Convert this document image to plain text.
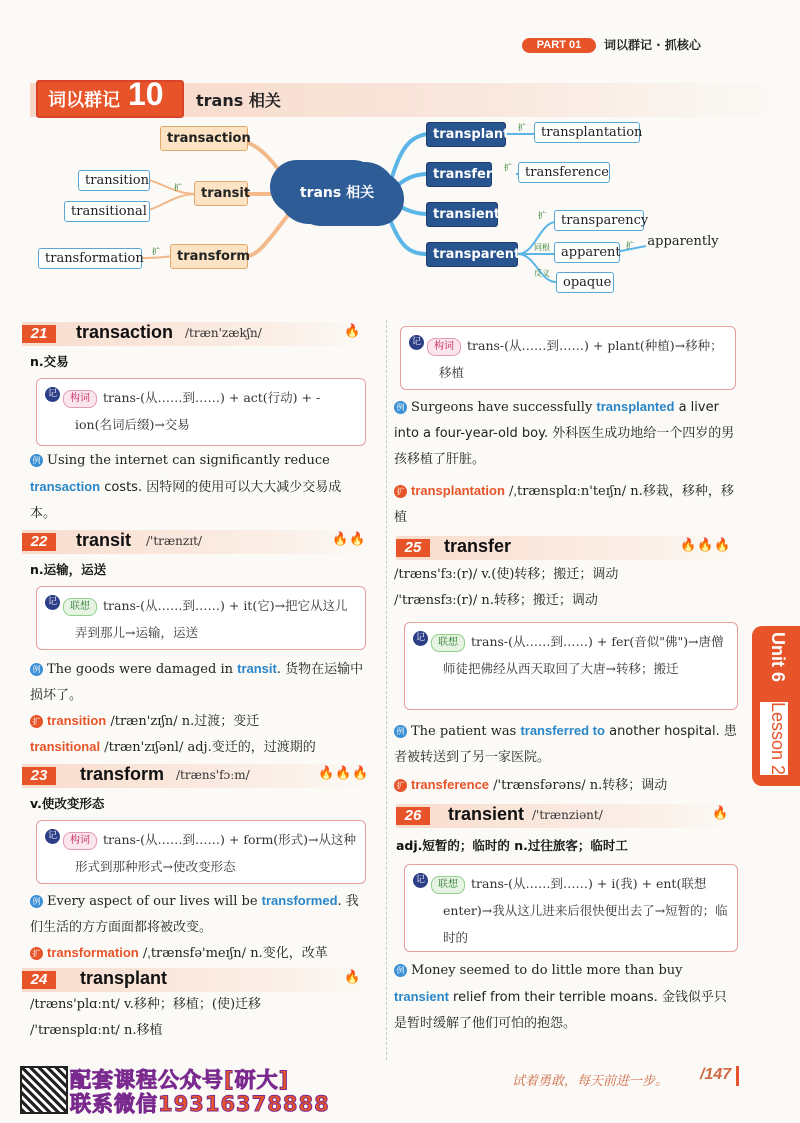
PART 01	词以群记 · 抓核心
词以群记 10 trans 相关
transaction
transition
transitional
transit
transformation	transform
trans 相关
transplant	transplantation
transfer	transference
transient
transparent
transparency
apparent
apparently
opaque
扩
扩
扩
扩
扩
同根
反义
扩
21	transaction /træn'zækʃn/	🔥
n.交易
记	构词 trans-(从……到……) + act(行动) + -ion(名词后缀)→交易
例 Using the internet can significantly reduce transaction costs. 因特网的使用可以大大减少交易成本。
22	transit /'trænzɪt/	🔥🔥
n.运输，运送
记	联想 trans-(从……到……) + it(它)→把它从这儿弄到那儿→运输，运送
例 The goods were damaged in transit. 货物在运输中损坏了。
扩 transition /træn'zɪʃn/ n.过渡；变迁
transitional /træn'zɪʃənl/ adj.变迁的，过渡期的
23	transform /træns'fɔːm/	🔥🔥🔥
v.使改变形态
记	构词 trans-(从……到……) + form(形式)→从这种形式到那种形式→使改变形态
例 Every aspect of our lives will be transformed. 我们生活的方方面面都将被改变。
扩 transformation /ˌtrænsfə'meɪʃn/ n.变化，改革
24	transplant	🔥
/træns'plɑːnt/ v.移种；移植；(使)迁移
/'trænsplɑːnt/ n.移植
记	构词 trans-(从……到……) + plant(种植)→移种；移植
例 Surgeons have successfully transplanted a liver into a four-year-old boy. 外科医生成功地给一个四岁的男孩移植了肝脏。
扩 transplantation /ˌtrænsplɑːn'teɪʃn/ n.移栽，移种，移植
25	transfer	🔥🔥🔥
/træns'fɜː(r)/ v.(使)转移；搬迁；调动
/'trænsfɜː(r)/ n.转移；搬迁；调动
记	联想 trans-(从……到……) + fer(音似"佛")→唐僧师徒把佛经从西天取回了大唐→转移；搬迁
例 The patient was transferred to another hospital. 患者被转送到了另一家医院。
扩 transference /'trænsfərəns/ n.转移；调动
26	transient /'trænziənt/	🔥
adj.短暂的；临时的 n.过往旅客；临时工
记	联想 trans-(从……到……) + i(我) + ent(联想 enter)→我从这儿进来后很快便出去了→短暂的；临时的
例 Money seemed to do little more than buy transient relief from their terrible moans. 金钱似乎只是暂时缓解了他们可怕的抱怨。
Unit 6
Lesson 2
配套课程公众号[研大]
联系微信19316378888
试着勇敢，每天前进一步。 /147
